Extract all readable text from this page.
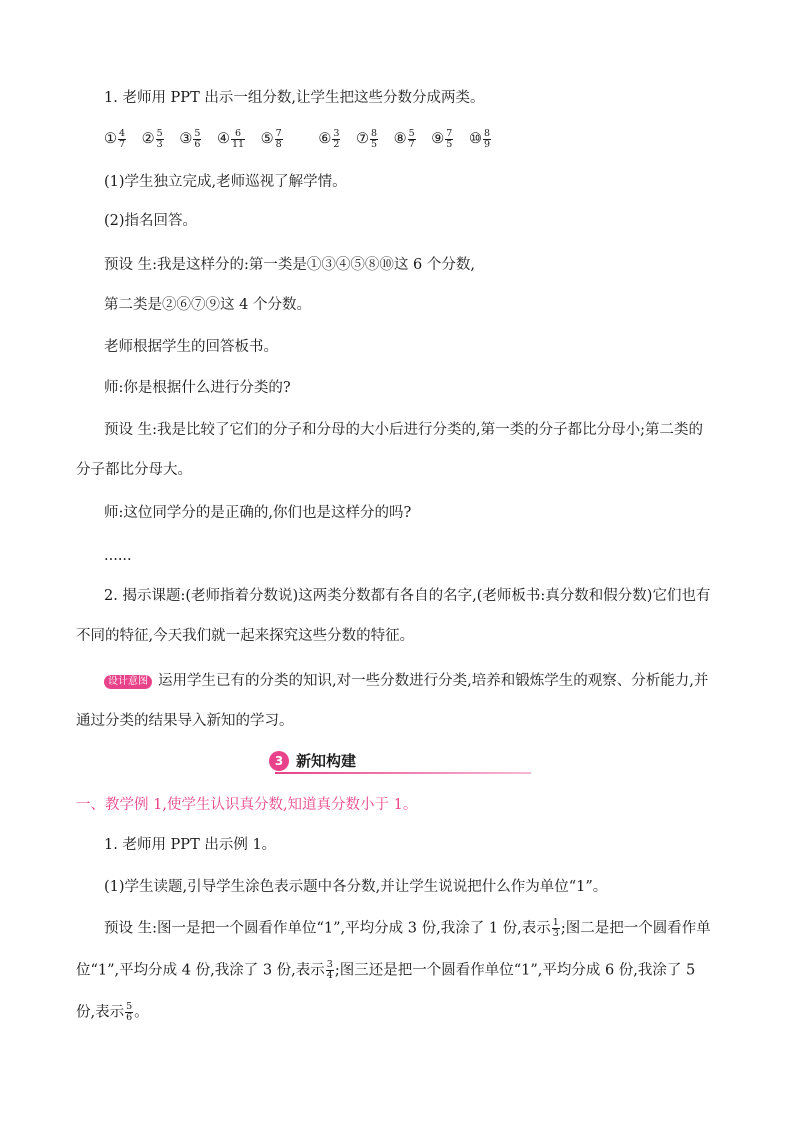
1. 老师用 PPT 出示一组分数,让学生把这些分数分成两类。
① $\frac{4}{7}$ ② $\frac{5}{3}$ ③ $\frac{5}{6}$ ④ $\frac{6}{11}$ ⑤ $\frac{7}{8}$ ⑥ $\frac{3}{2}$ ⑦ $\frac{8}{5}$ ⑧ $\frac{5}{7}$ ⑨ $\frac{7}{5}$ ⑩ $\frac{8}{9}$
(1)学生独立完成,老师巡视了解学情。
(2)指名回答。
预设 生:我是这样分的:第一类是①③④⑤⑧⑩这 6 个分数,
第二类是②⑥⑦⑨这 4 个分数。
老师根据学生的回答板书。
师:你是根据什么进行分类的?
预设 生:我是比较了它们的分子和分母的大小后进行分类的,第一类的分子都比分母小;第二类的
分子都比分母大。
师:这位同学分的是正确的,你们也是这样分的吗?
......
2. 揭示课题:(老师指着分数说)这两类分数都有各自的名字,(老师板书:真分数和假分数)它们也有
不同的特征,今天我们就一起来探究这些分数的特征。
设计意图 运用学生已有的分类的知识,对一些分数进行分类,培养和锻炼学生的观察、分析能力,并
通过分类的结果导入新知的学习。
3 新知构建
一、教学例 1,使学生认识真分数,知道真分数小于 1。
1. 老师用 PPT 出示例 1。
(1)学生读题,引导学生涂色表示题中各分数,并让学生说说把什么作为单位“1”。
预设 生:图一是把一个圆看作单位“1”,平均分成 3 份,我涂了 1 份,表示 $\frac{1}{3}$ ;图二是把一个圆看作单
位“1”,平均分成 4 份,我涂了 3 份,表示 $\frac{3}{4}$ ;图三还是把一个圆看作单位“1”,平均分成 6 份,我涂了 5
份,表示 $\frac{5}{6}$ 。
